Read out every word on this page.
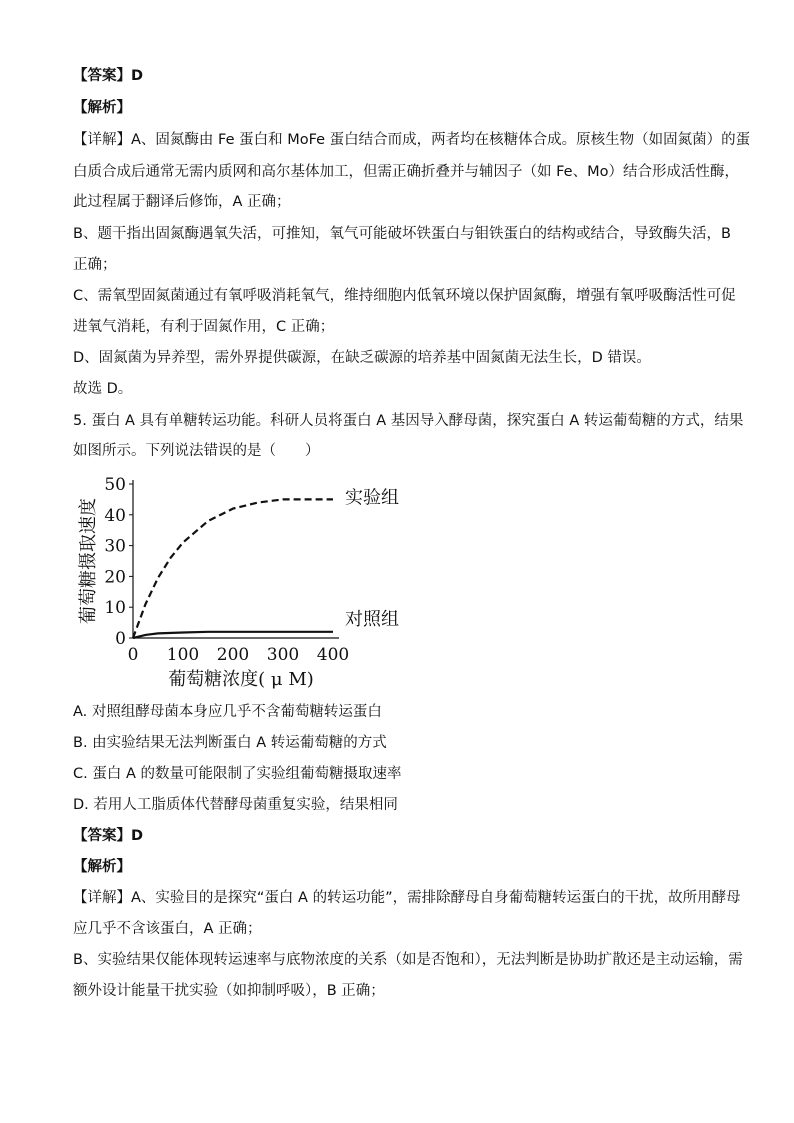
【答案】D
【解析】
【详解】A、固氮酶由 Fe 蛋白和 MoFe 蛋白结合而成，两者均在核糖体合成。原核生物（如固氮菌）的蛋
白质合成后通常无需内质网和高尔基体加工，但需正确折叠并与辅因子（如 Fe、Mo）结合形成活性酶，
此过程属于翻译后修饰，A 正确；
B、题干指出固氮酶遇氧失活，可推知，氧气可能破坏铁蛋白与钼铁蛋白的结构或结合，导致酶失活，B
正确；
C、需氧型固氮菌通过有氧呼吸消耗氧气，维持细胞内低氧环境以保护固氮酶，增强有氧呼吸酶活性可促
进氧气消耗，有利于固氮作用，C 正确；
D、固氮菌为异养型，需外界提供碳源，在缺乏碳源的培养基中固氮菌无法生长，D 错误。
故选 D。
5. 蛋白 A 具有单糖转运功能。科研人员将蛋白 A 基因导入酵母菌，探究蛋白 A 转运葡萄糖的方式，结果
如图所示。下列说法错误的是（　　）
0
10
20
30
40
50
0 100 200 300 400
葡萄糖浓度( μ M)
葡萄糖摄取速度
实验组
对照组
A. 对照组酵母菌本身应几乎不含葡萄糖转运蛋白
B. 由实验结果无法判断蛋白 A 转运葡萄糖的方式
C. 蛋白 A 的数量可能限制了实验组葡萄糖摄取速率
D. 若用人工脂质体代替酵母菌重复实验，结果相同
【答案】D
【解析】
【详解】A、实验目的是探究“蛋白 A 的转运功能”，需排除酵母自身葡萄糖转运蛋白的干扰，故所用酵母
应几乎不含该蛋白，A 正确；
B、实验结果仅能体现转运速率与底物浓度的关系（如是否饱和），无法判断是协助扩散还是主动运输，需
额外设计能量干扰实验（如抑制呼吸），B 正确；
